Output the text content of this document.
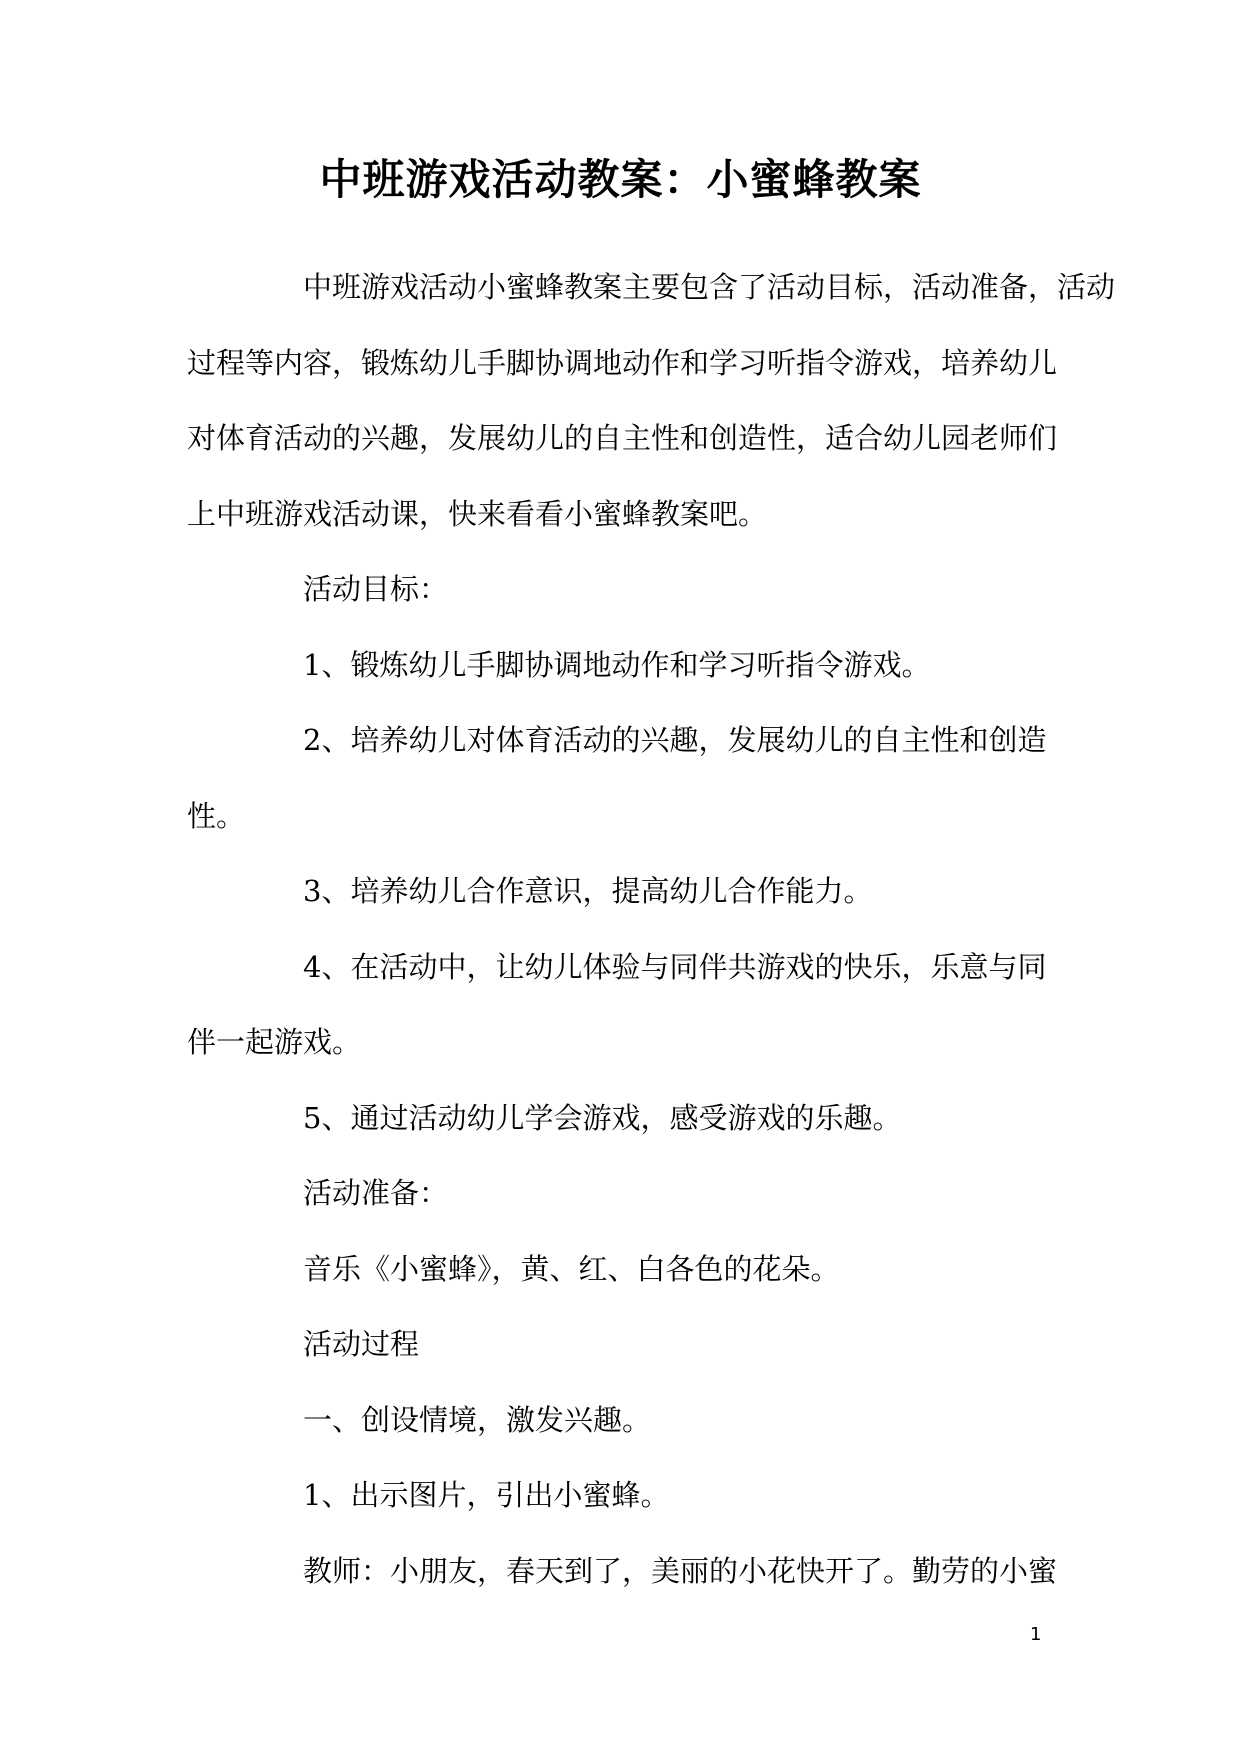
中班游戏活动教案：小蜜蜂教案

中班游戏活动小蜜蜂教案主要包含了活动目标，活动准备，活动

过程等内容，锻炼幼儿手脚协调地动作和学习听指令游戏，培养幼儿

对体育活动的兴趣，发展幼儿的自主性和创造性，适合幼儿园老师们

上中班游戏活动课，快来看看小蜜蜂教案吧。

活动目标：

1、锻炼幼儿手脚协调地动作和学习听指令游戏。

2、培养幼儿对体育活动的兴趣，发展幼儿的自主性和创造

性。

3、培养幼儿合作意识，提高幼儿合作能力。

4、在活动中，让幼儿体验与同伴共游戏的快乐，乐意与同

伴一起游戏。

5、通过活动幼儿学会游戏，感受游戏的乐趣。

活动准备：

音乐《小蜜蜂》，黄、红、白各色的花朵。

活动过程

一、创设情境，激发兴趣。

1、出示图片，引出小蜜蜂。

教师：小朋友，春天到了，美丽的小花快开了。勤劳的小蜜

1
